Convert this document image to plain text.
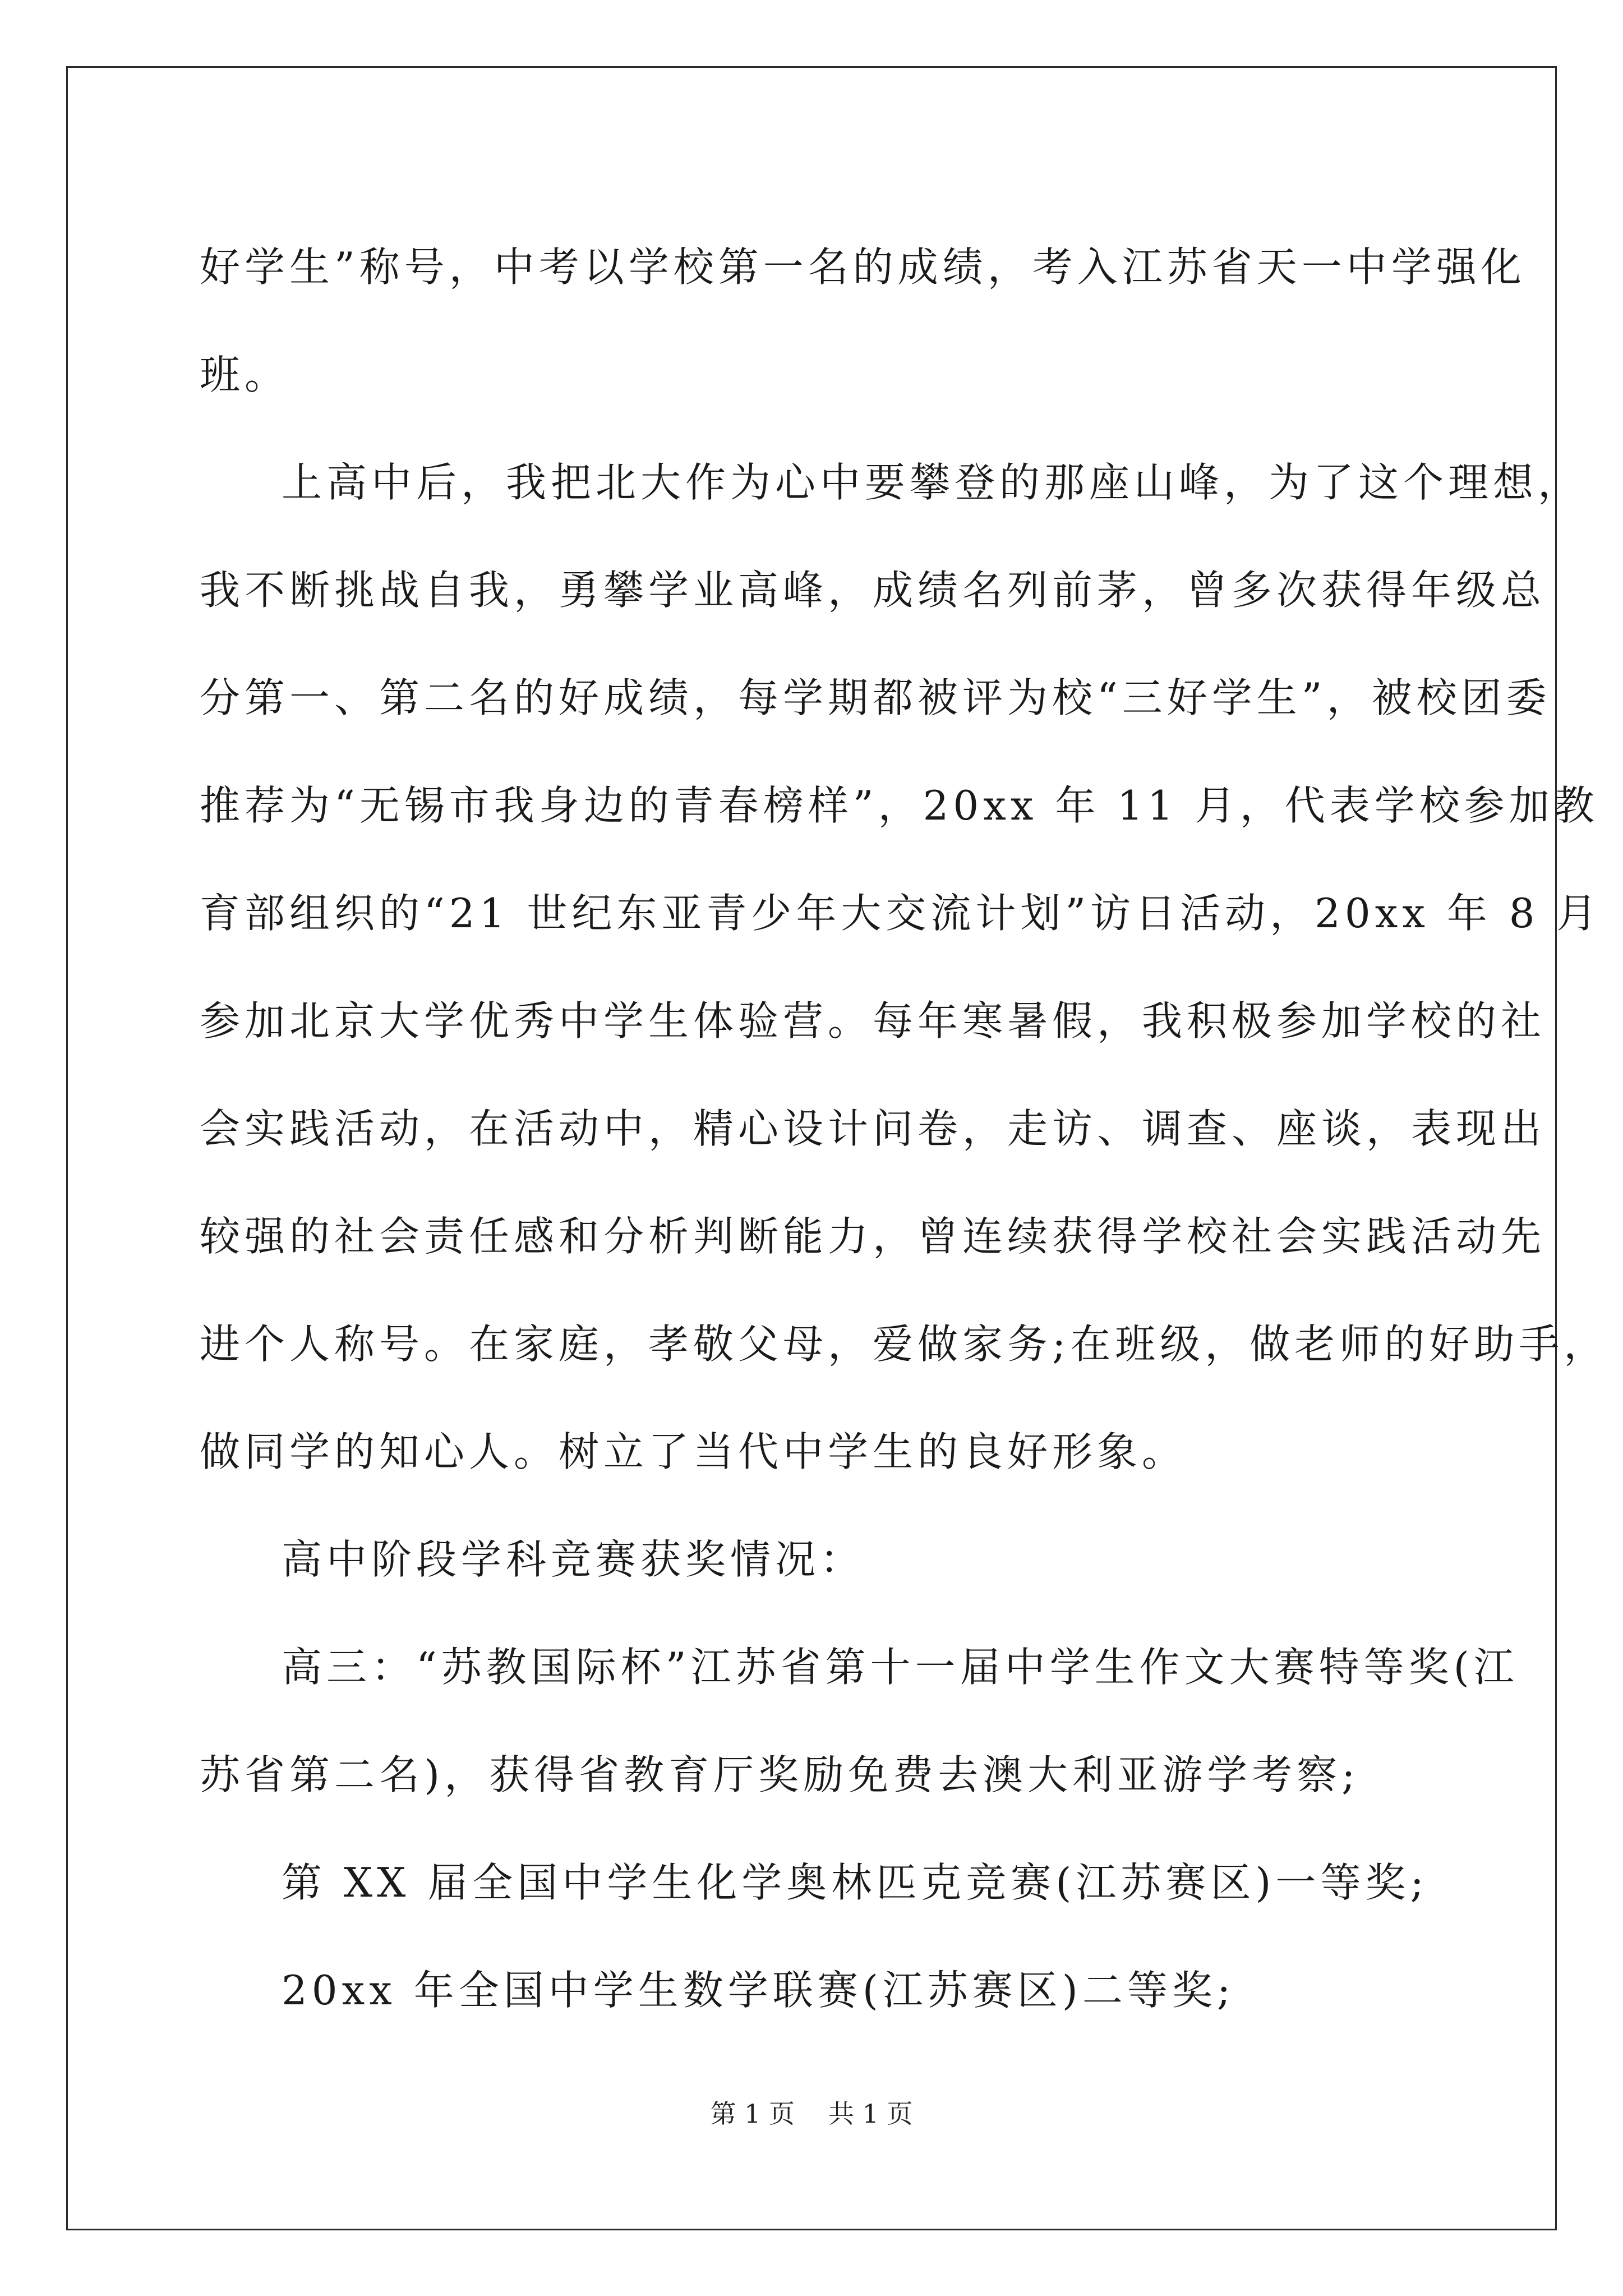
好学生”称号，中考以学校第一名的成绩，考入江苏省天一中学强化
班。
上高中后，我把北大作为心中要攀登的那座山峰，为了这个理想，
我不断挑战自我，勇攀学业高峰，成绩名列前茅，曾多次获得年级总
分第一、第二名的好成绩，每学期都被评为校“三好学生”，被校团委
推荐为“无锡市我身边的青春榜样”，20xx 年 11 月，代表学校参加教
育部组织的“21 世纪东亚青少年大交流计划”访日活动，20xx 年 8 月
参加北京大学优秀中学生体验营。每年寒暑假，我积极参加学校的社
会实践活动，在活动中，精心设计问卷，走访、调查、座谈，表现出
较强的社会责任感和分析判断能力，曾连续获得学校社会实践活动先
进个人称号。在家庭，孝敬父母，爱做家务;在班级，做老师的好助手，
做同学的知心人。树立了当代中学生的良好形象。
高中阶段学科竞赛获奖情况：
高三：“苏教国际杯”江苏省第十一届中学生作文大赛特等奖(江
苏省第二名)，获得省教育厅奖励免费去澳大利亚游学考察;
第 XX 届全国中学生化学奥林匹克竞赛(江苏赛区)一等奖;
20xx 年全国中学生数学联赛(江苏赛区)二等奖;
第 1 页 共 1 页
